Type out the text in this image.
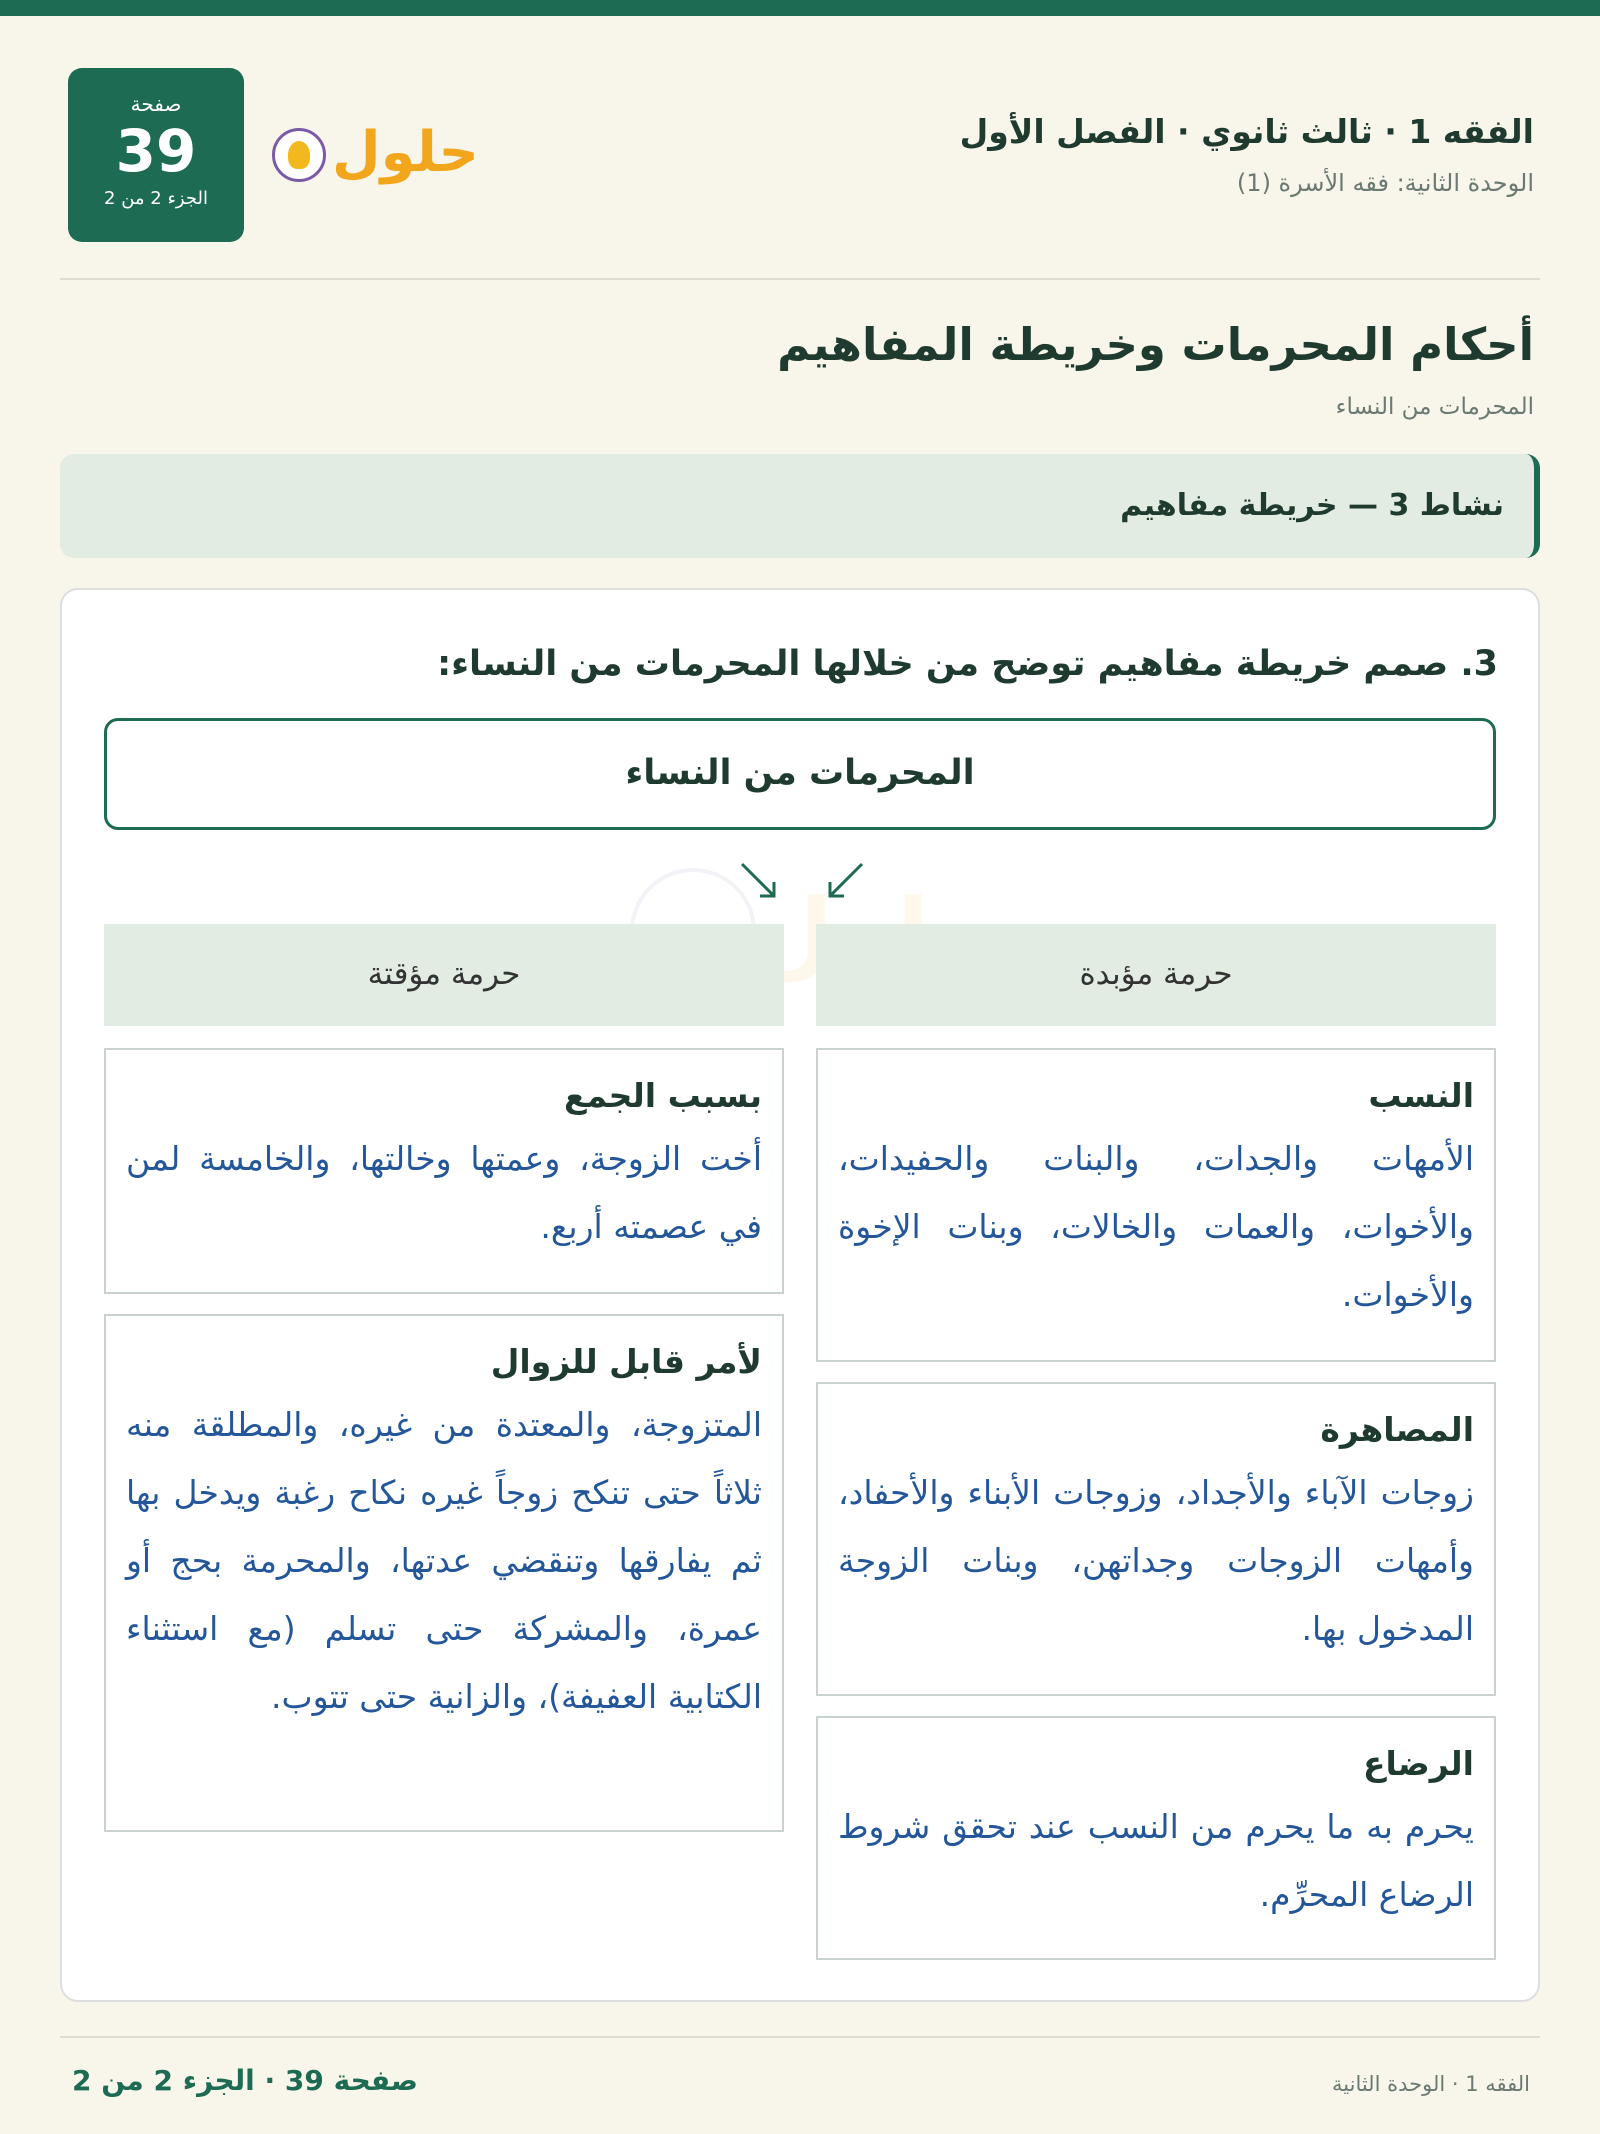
الفقه 1 · ثالث ثانوي · الفصل الأول
الوحدة الثانية: فقه الأسرة (1)
صفحة
39
الجزء 2 من 2
حلول
أحكام المحرمات وخريطة المفاهيم
المحرمات من النساء
نشاط 3 — خريطة مفاهيم
3. صمم خريطة مفاهيم توضح من خلالها المحرمات من النساء:
المحرمات من النساء
حرمة مؤبدة
حرمة مؤقتة
النسب

الأمهات والجدات، والبنات والحفيدات، والأخوات، والعمات والخالات، وبنات الإخوة والأخوات.

المصاهرة

زوجات الآباء والأجداد، وزوجات الأبناء والأحفاد، وأمهات الزوجات وجداتهن، وبنات الزوجة المدخول بها.

الرضاع

يحرم به ما يحرم من النسب عند تحقق شروط الرضاع المحرِّم.

بسبب الجمع

أخت الزوجة، وعمتها وخالتها، والخامسة لمن في عصمته أربع.

لأمر قابل للزوال

المتزوجة، والمعتدة من غيره، والمطلقة منه ثلاثاً حتى تنكح زوجاً غيره نكاح رغبة ويدخل بها ثم يفارقها وتنقضي عدتها، والمحرمة بحج أو عمرة، والمشركة حتى تسلم (مع استثناء الكتابية العفيفة)، والزانية حتى تتوب.

الفقه 1 · الوحدة الثانية
صفحة 39 · الجزء 2 من 2
